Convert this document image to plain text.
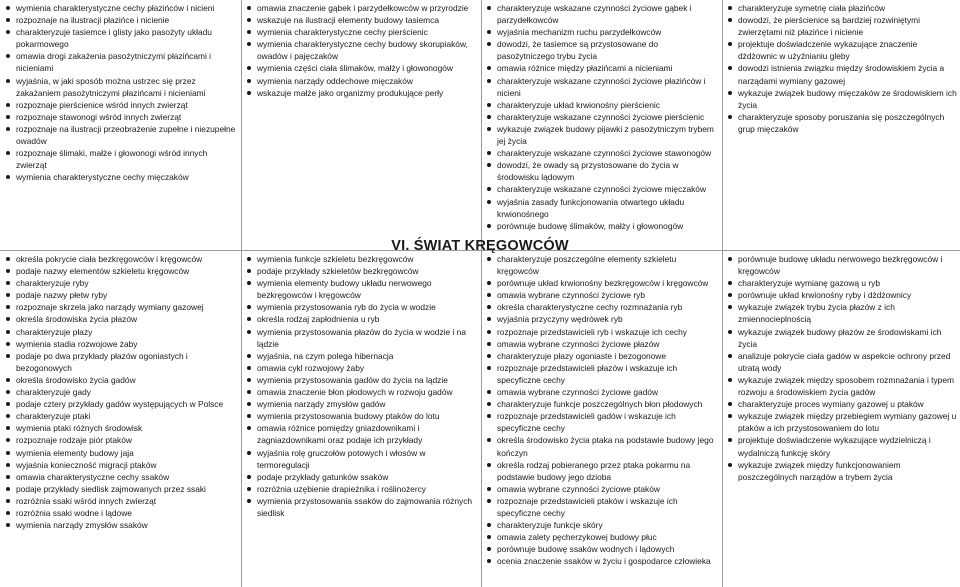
VI. ŚWIAT KRĘGOWCÓW
wymienia charakterystyczne cechy płazińców i nicieni
rozpoznaje na ilustracji płazińce i nicienie
charakteryzuje tasiemce i glisty jako pasożyty układu pokarmowego
omawia drogi zakażenia pasożytniczymi płazińcami i nicieniami
wyjaśnia, w jaki sposób można ustrzec się przez zakażaniem pasożytniczymi płazińcami i nicieniami
rozpoznaje pierścienice wśród innych zwierząt
rozpoznaje stawonogi wśród innych zwierząt
rozpoznaje na ilustracji przeobrażenie zupełne i niezupełne owadów
rozpoznaje ślimaki, małże i głowonogi wśród innych zwierząt
wymienia charakterystyczne cechy mięczaków
omawia znaczenie gąbek i parzydełkowców w przyrodzie
wskazuje na ilustracji elementy budowy tasiemca
wymienia charakterystyczne cechy pierścienic
wymienia charakterystyczne cechy budowy skorupiaków, owadów i pajęczaków
wymienia części ciała ślimaków, małży i głowonogów
wymienia narządy oddechowe mięczaków
wskazuje małże jako organizmy produkujące perły
charakteryzuje wskazane czynności życiowe gąbek i parzydełkowców
wyjaśnia mechanizm ruchu parzydełkowców
dowodzi, że tasiemce są przystosowane do pasożytniczego trybu życia
omawia różnice między płazińcami a nicieniami
charakteryzuje wskazane czynności życiowe płazińców i nicieni
charakteryzuje układ krwionośny pierścienic
charakteryzuje wskazane czynności życiowe pierścienic
wykazuje związek budowy pijawki z pasożytniczym trybem jej życia
charakteryzuje wskazane czynności życiowe stawonogów
dowodzi, że owady są przystosowane do życia w środowisku lądowym
charakteryzuje wskazane czynności życiowe mięczaków
wyjaśnia zasady funkcjonowania otwartego układu krwionośnego
porównuje budowę ślimaków, małży i głowonogów
charakteryzuje symetrię ciała płazińców
dowodzi, że pierścienice są bardziej rozwiniętymi zwierzętami niż płazińce i nicienie
projektuje doświadczenie wykazujące znaczenie dżdżownic w użyźnianiu gleby
dowodzi istnienia związku między środowiskiem życia a narządami wymiany gazowej
wykazuje związek budowy mięczaków ze środowiskiem ich życia
charakteryzuje sposoby poruszania się poszczególnych grup mięczaków
określa pokrycie ciała bezkręgowców i kręgowców
podaje nazwy elementów szkieletu kręgowców
charakteryzuje ryby
podaje nazwy płetw ryby
rozpoznaje skrzela jako narządy wymiany gazowej
określa środowiska życia płazów
charakteryzuje płazy
wymienia stadia rozwojowe żaby
podaje po dwa przykłady płazów ogoniastych i bezogonowych
określa środowisko życia gadów
charakteryzuje gady
podaje cztery przykłady gadów występujących w Polsce
charakteryzuje ptaki
wymienia ptaki różnych środowisk
rozpoznaje rodzaje piór ptaków
wymienia elementy budowy jaja
wyjaśnia konieczność migracji ptaków
omawia charakterystyczne cechy ssaków
podaje przykłady siedlisk zajmowanych przez ssaki
rozróżnia ssaki wśród innych zwierząt
rozróżnia ssaki wodne i lądowe
wymienia narządy zmysłów ssaków
wymienia funkcje szkieletu bezkręgowców
podaje przykłady szkieletów bezkręgowców
wymienia elementy budowy układu nerwowego bezkręgowców i kręgowców
wymienia przystosowania ryb do życia w wodzie
określa rodzaj zapłodnienia u ryb
wymienia przystosowania płazów do życia w wodzie i na lądzie
wyjaśnia, na czym polega hibernacja
omawia cykl rozwojowy żaby
wymienia przystosowania gadów do życia na lądzie
omawia znaczenie błon płodowych w rozwoju gadów
wymienia narządy zmysłów gadów
wymienia przystosowania budowy ptaków do lotu
omawia różnice pomiędzy gniazdownikami i zagniazdownikami oraz podaje ich przykłady
wyjaśnia rolę gruczołów potowych i włosów w termoregulacji
podaje przykłady gatunków ssaków
rozróżnia uzębienie drapieżnika i roślinożercy
wymienia przystosowania ssaków do zajmowania różnych siedlisk
charakteryzuje poszczególne elementy szkieletu kręgowców
porównuje układ krwionośny bezkręgowców i kręgowców
omawia wybrane czynności życiowe ryb
określa charakterystyczne cechy rozmnażania ryb
wyjaśnia przyczyny wędrówek ryb
rozpoznaje przedstawicieli ryb i wskazuje ich cechy
omawia wybrane czynności życiowe płazów
charakteryzuje płazy ogoniaste i bezogonowe
rozpoznaje przedstawicieli płazów i wskazuje ich specyficzne cechy
omawia wybrane czynności życiowe gadów
charakteryzuje funkcje poszczególnych błon płodowych
rozpoznaje przedstawicieli gadów i wskazuje ich specyficzne cechy
określa środowisko życia ptaka na podstawie budowy jego kończyn
określa rodzaj pobieranego przez ptaka pokarmu na podstawie budowy jego dzioba
omawia wybrane czynności życiowe ptaków
rozpoznaje przedstawicieli ptaków i wskazuje ich specyficzne cechy
charakteryzuje funkcje skóry
omawia zalety pęcherzykowej budowy płuc
porównuje budowę ssaków wodnych i lądowych
ocenia znaczenie ssaków w życiu i gospodarce człowieka
porównuje budowę układu nerwowego bezkręgowców i kręgowców
charakteryzuje wymianę gazową u ryb
porównuje układ krwionośny ryby i dżdżownicy
wykazuje związek trybu życia płazów z ich zmiennocieplnością
wykazuje związek budowy płazów ze środowiskami ich życia
analizuje pokrycie ciała gadów w aspekcie ochrony przed utratą wody
wykazuje związek między sposobem rozmnażania i typem rozwoju a środowiskiem życia gadów
charakteryzuje proces wymiany gazowej u ptaków
wykazuje związek między przebiegiem wymiany gazowej u ptaków a ich przystosowaniem do lotu
projektuje doświadczenie wykazujące wydzielniczą i wydalniczą funkcję skóry
wykazuje związek między funkcjonowaniem poszczególnych narządów a trybem życia
